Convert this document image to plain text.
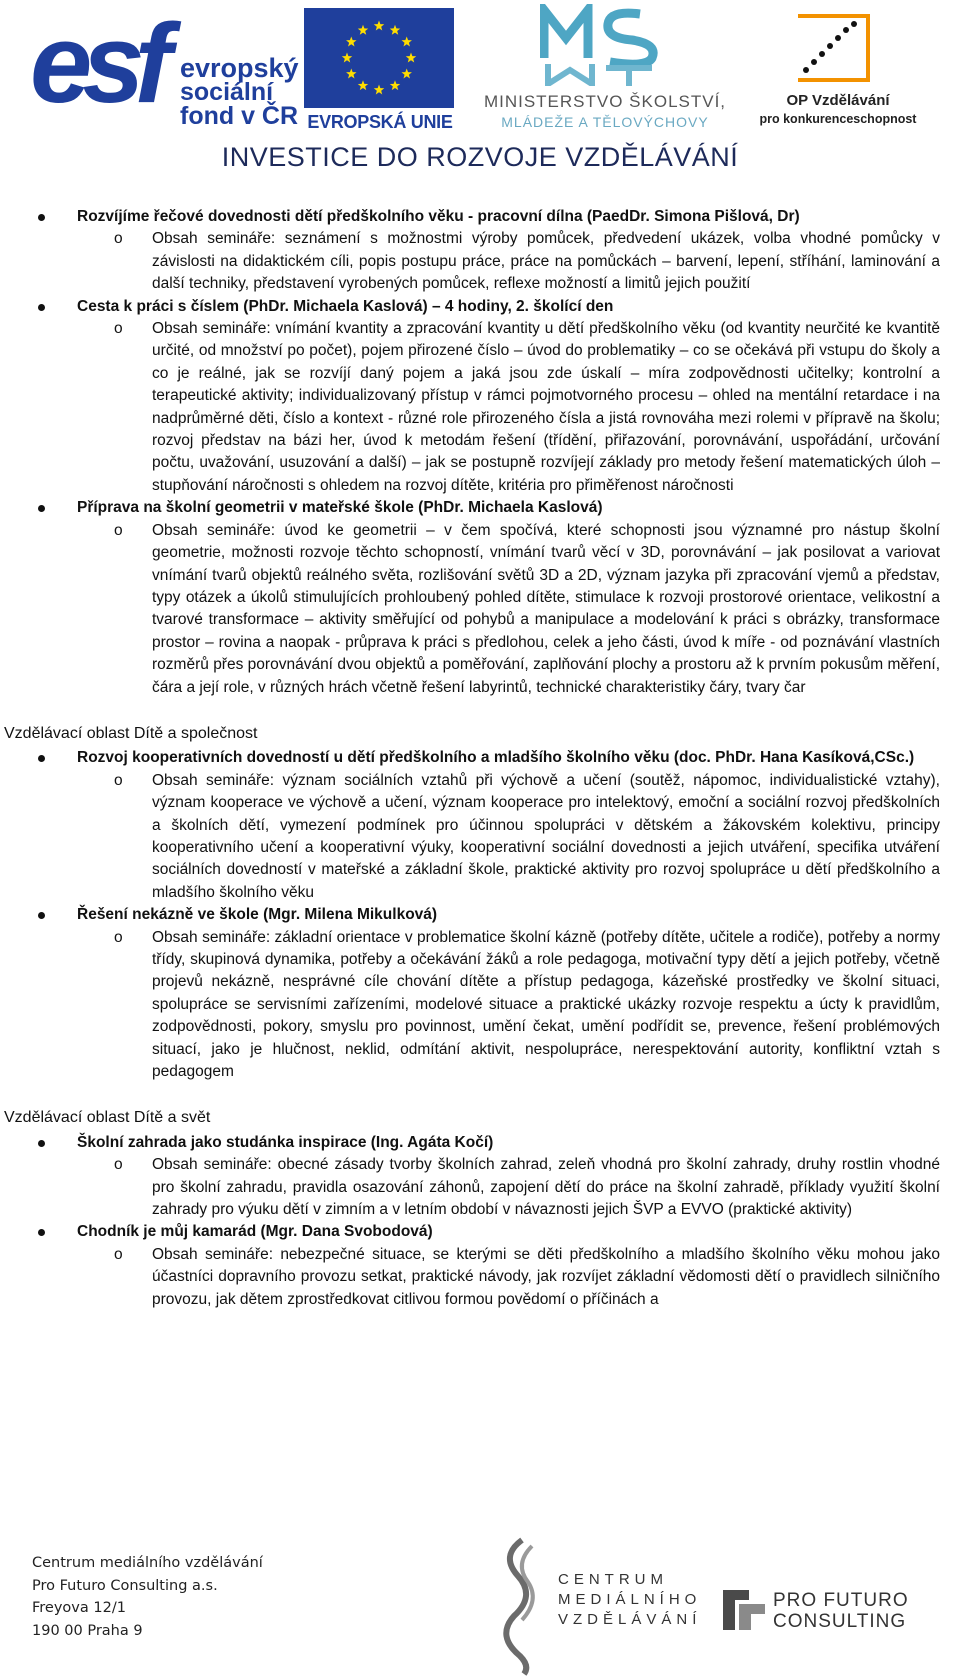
esf evropský
sociální
fond v ČR EVROPSKÁ UNIE
MINISTERSTVO ŠKOLSTVÍ,
MLÁDEŽE A TĚLOVÝCHOVY
OP Vzdělávání
pro konkurenceschopnost
INVESTICE DO ROZVOJE VZDĚLÁVÁNÍ
Rozvíjíme řečové dovednosti dětí předškolního věku - pracovní dílna (PaedDr. Simona Pišlová, Dr)
o Obsah semináře: seznámení s možnostmi výroby pomůcek, předvedení ukázek, volba vhodné pomůcky v závislosti na didaktickém cíli, popis postupu práce, práce na pomůckách – barvení, lepení, stříhání, laminování a další techniky, představení vyrobených pomůcek, reflexe možností a limitů jejich použití
Cesta k práci s číslem (PhDr. Michaela Kaslová) – 4 hodiny, 2. školící den
o Obsah semináře: vnímání kvantity a zpracování kvantity u dětí předškolního věku (od kvantity neurčité ke kvantitě určité, od množství po počet), pojem přirozené číslo – úvod do problematiky – co se očekává při vstupu do školy a co je reálné, jak se rozvíjí daný pojem a jaká jsou zde úskalí – míra zodpovědnosti učitelky; kontrolní a terapeutické aktivity; individualizovaný přístup v rámci pojmotvorného procesu – ohled na mentální retardace i na nadprůměrné děti, číslo a kontext - různé role přirozeného čísla a jistá rovnováha mezi rolemi v přípravě na školu; rozvoj představ na bázi her, úvod k metodám řešení (třídění, přiřazování, porovnávání, uspořádání, určování počtu, uvažování, usuzování a další) – jak se postupně rozvíjejí základy pro metody řešení matematických úloh – stupňování náročnosti s ohledem na rozvoj dítěte, kritéria pro přiměřenost náročnosti
Příprava na školní geometrii v mateřské škole (PhDr. Michaela Kaslová)
o Obsah semináře: úvod ke geometrii – v čem spočívá, které schopnosti jsou významné pro nástup školní geometrie, možnosti rozvoje těchto schopností, vnímání tvarů věcí v 3D, porovnávání – jak posilovat a variovat vnímání tvarů objektů reálného světa, rozlišování světů 3D a 2D, význam jazyka při zpracování vjemů a představ, typy otázek a úkolů stimulujících prohloubený pohled dítěte, stimulace k rozvoji prostorové orientace, velikostní a tvarové transformace – aktivity směřující od pohybů a manipulace a modelování k práci s obrázky, transformace prostor – rovina a naopak - průprava k práci s předlohou, celek a jeho části, úvod k míře - od poznávání vlastních rozměrů přes porovnávání dvou objektů a poměřování, zaplňování plochy a prostoru až k prvním pokusům měření, čára a její role, v různých hrách včetně řešení labyrintů, technické charakteristiky čáry, tvary čar
Vzdělávací oblast Dítě a společnost
Rozvoj kooperativních dovedností u dětí předškolního a mladšího školního věku (doc. PhDr. Hana Kasíková,CSc.)
o Obsah semináře: význam sociálních vztahů při výchově a učení (soutěž, nápomoc, individualistické vztahy), význam kooperace ve výchově a učení, význam kooperace pro intelektový, emoční a sociální rozvoj předškolních a školních dětí, vymezení podmínek pro účinnou spolupráci v dětském a žákovském kolektivu, principy kooperativního učení a kooperativní výuky, kooperativní sociální dovednosti a jejich utváření, specifika utváření sociálních dovedností v mateřské a základní škole, praktické aktivity pro rozvoj spolupráce u dětí předškolního a mladšího školního věku
Řešení nekázně ve škole (Mgr. Milena Mikulková)
o Obsah semináře: základní orientace v problematice školní kázně (potřeby dítěte, učitele a rodiče), potřeby a normy třídy, skupinová dynamika, potřeby a očekávání žáků a role pedagoga, motivační typy dětí a jejich potřeby, včetně projevů nekázně, nesprávné cíle chování dítěte a přístup pedagoga, kázeňské prostředky ve školní situaci, spolupráce se servisními zařízeními, modelové situace a praktické ukázky rozvoje respektu a úcty k pravidlům, zodpovědnosti, pokory, smyslu pro povinnost, umění čekat, umění podřídit se, prevence, řešení problémových situací, jako je hlučnost, neklid, odmítání aktivit, nespolupráce, nerespektování autority, konfliktní vztah s pedagogem
Vzdělávací oblast Dítě a svět
Školní zahrada jako studánka inspirace (Ing. Agáta Kočí)
o Obsah semináře: obecné zásady tvorby školních zahrad, zeleň vhodná pro školní zahrady, druhy rostlin vhodné pro školní zahradu, pravidla osazování záhonů, zapojení dětí do práce na školní zahradě, příklady využití školní zahrady pro výuku dětí v zimním a v letním období v návaznosti jejich ŠVP a EVVO (praktické aktivity)
Chodník je můj kamarád (Mgr. Dana Svobodová)
o Obsah semináře: nebezpečné situace, se kterými se děti předškolního a mladšího školního věku mohou jako účastníci dopravního provozu setkat, praktické návody, jak rozvíjet základní vědomosti dětí o pravidlech silničního provozu, jak dětem zprostředkovat citlivou formou povědomí o příčinách a
Centrum mediálního vzdělávání
Pro Futuro Consulting a.s.
Freyova 12/1
190 00 Praha 9
CENTRUM
MEDIÁLNÍHO
VZDĚLÁVÁNÍ
PRO FUTURO
CONSULTING
